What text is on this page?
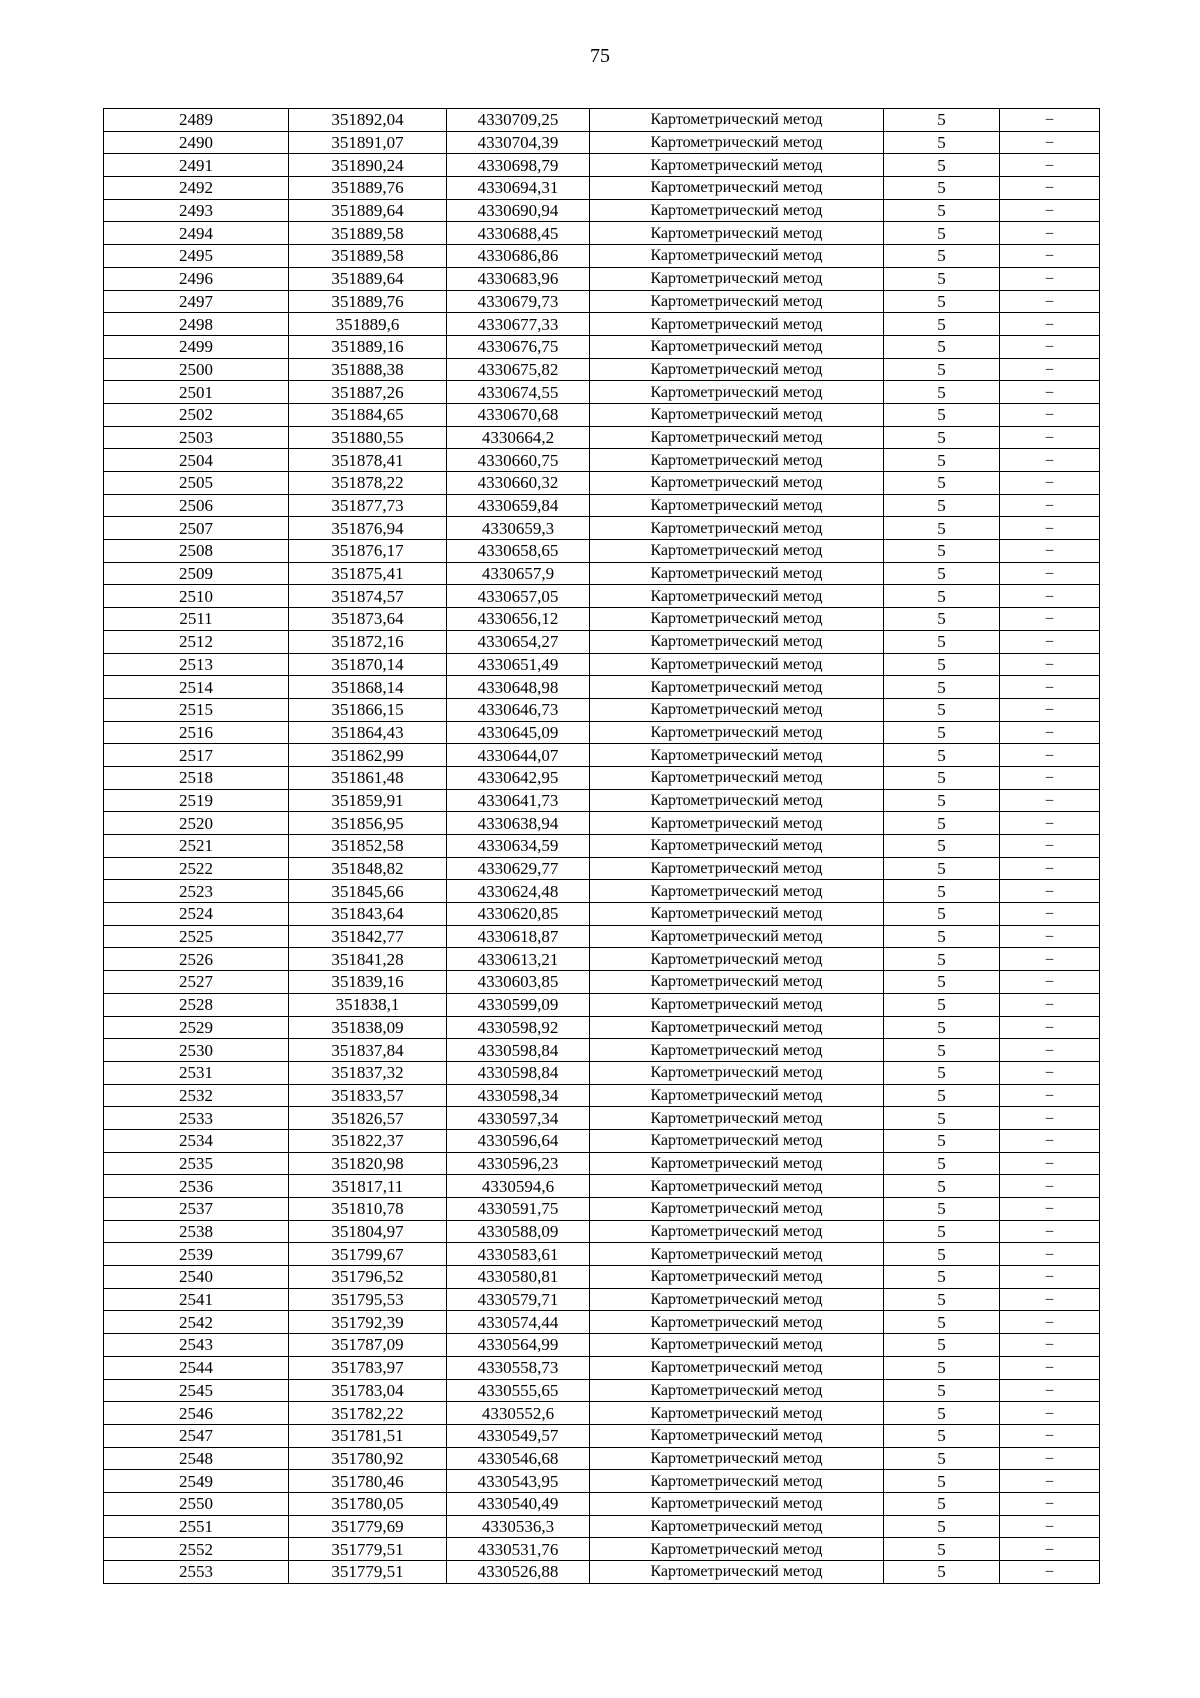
75
2489	351892,04	4330709,25	Картометрический метод	5	–
2490	351891,07	4330704,39	Картометрический метод	5	–
2491	351890,24	4330698,79	Картометрический метод	5	–
2492	351889,76	4330694,31	Картометрический метод	5	–
2493	351889,64	4330690,94	Картометрический метод	5	–
2494	351889,58	4330688,45	Картометрический метод	5	–
2495	351889,58	4330686,86	Картометрический метод	5	–
2496	351889,64	4330683,96	Картометрический метод	5	–
2497	351889,76	4330679,73	Картометрический метод	5	–
2498	351889,6	4330677,33	Картометрический метод	5	–
2499	351889,16	4330676,75	Картометрический метод	5	–
2500	351888,38	4330675,82	Картометрический метод	5	–
2501	351887,26	4330674,55	Картометрический метод	5	–
2502	351884,65	4330670,68	Картометрический метод	5	–
2503	351880,55	4330664,2	Картометрический метод	5	–
2504	351878,41	4330660,75	Картометрический метод	5	–
2505	351878,22	4330660,32	Картометрический метод	5	–
2506	351877,73	4330659,84	Картометрический метод	5	–
2507	351876,94	4330659,3	Картометрический метод	5	–
2508	351876,17	4330658,65	Картометрический метод	5	–
2509	351875,41	4330657,9	Картометрический метод	5	–
2510	351874,57	4330657,05	Картометрический метод	5	–
2511	351873,64	4330656,12	Картометрический метод	5	–
2512	351872,16	4330654,27	Картометрический метод	5	–
2513	351870,14	4330651,49	Картометрический метод	5	–
2514	351868,14	4330648,98	Картометрический метод	5	–
2515	351866,15	4330646,73	Картометрический метод	5	–
2516	351864,43	4330645,09	Картометрический метод	5	–
2517	351862,99	4330644,07	Картометрический метод	5	–
2518	351861,48	4330642,95	Картометрический метод	5	–
2519	351859,91	4330641,73	Картометрический метод	5	–
2520	351856,95	4330638,94	Картометрический метод	5	–
2521	351852,58	4330634,59	Картометрический метод	5	–
2522	351848,82	4330629,77	Картометрический метод	5	–
2523	351845,66	4330624,48	Картометрический метод	5	–
2524	351843,64	4330620,85	Картометрический метод	5	–
2525	351842,77	4330618,87	Картометрический метод	5	–
2526	351841,28	4330613,21	Картометрический метод	5	–
2527	351839,16	4330603,85	Картометрический метод	5	–
2528	351838,1	4330599,09	Картометрический метод	5	–
2529	351838,09	4330598,92	Картометрический метод	5	–
2530	351837,84	4330598,84	Картометрический метод	5	–
2531	351837,32	4330598,84	Картометрический метод	5	–
2532	351833,57	4330598,34	Картометрический метод	5	–
2533	351826,57	4330597,34	Картометрический метод	5	–
2534	351822,37	4330596,64	Картометрический метод	5	–
2535	351820,98	4330596,23	Картометрический метод	5	–
2536	351817,11	4330594,6	Картометрический метод	5	–
2537	351810,78	4330591,75	Картометрический метод	5	–
2538	351804,97	4330588,09	Картометрический метод	5	–
2539	351799,67	4330583,61	Картометрический метод	5	–
2540	351796,52	4330580,81	Картометрический метод	5	–
2541	351795,53	4330579,71	Картометрический метод	5	–
2542	351792,39	4330574,44	Картометрический метод	5	–
2543	351787,09	4330564,99	Картометрический метод	5	–
2544	351783,97	4330558,73	Картометрический метод	5	–
2545	351783,04	4330555,65	Картометрический метод	5	–
2546	351782,22	4330552,6	Картометрический метод	5	–
2547	351781,51	4330549,57	Картометрический метод	5	–
2548	351780,92	4330546,68	Картометрический метод	5	–
2549	351780,46	4330543,95	Картометрический метод	5	–
2550	351780,05	4330540,49	Картометрический метод	5	–
2551	351779,69	4330536,3	Картометрический метод	5	–
2552	351779,51	4330531,76	Картометрический метод	5	–
2553	351779,51	4330526,88	Картометрический метод	5	–
